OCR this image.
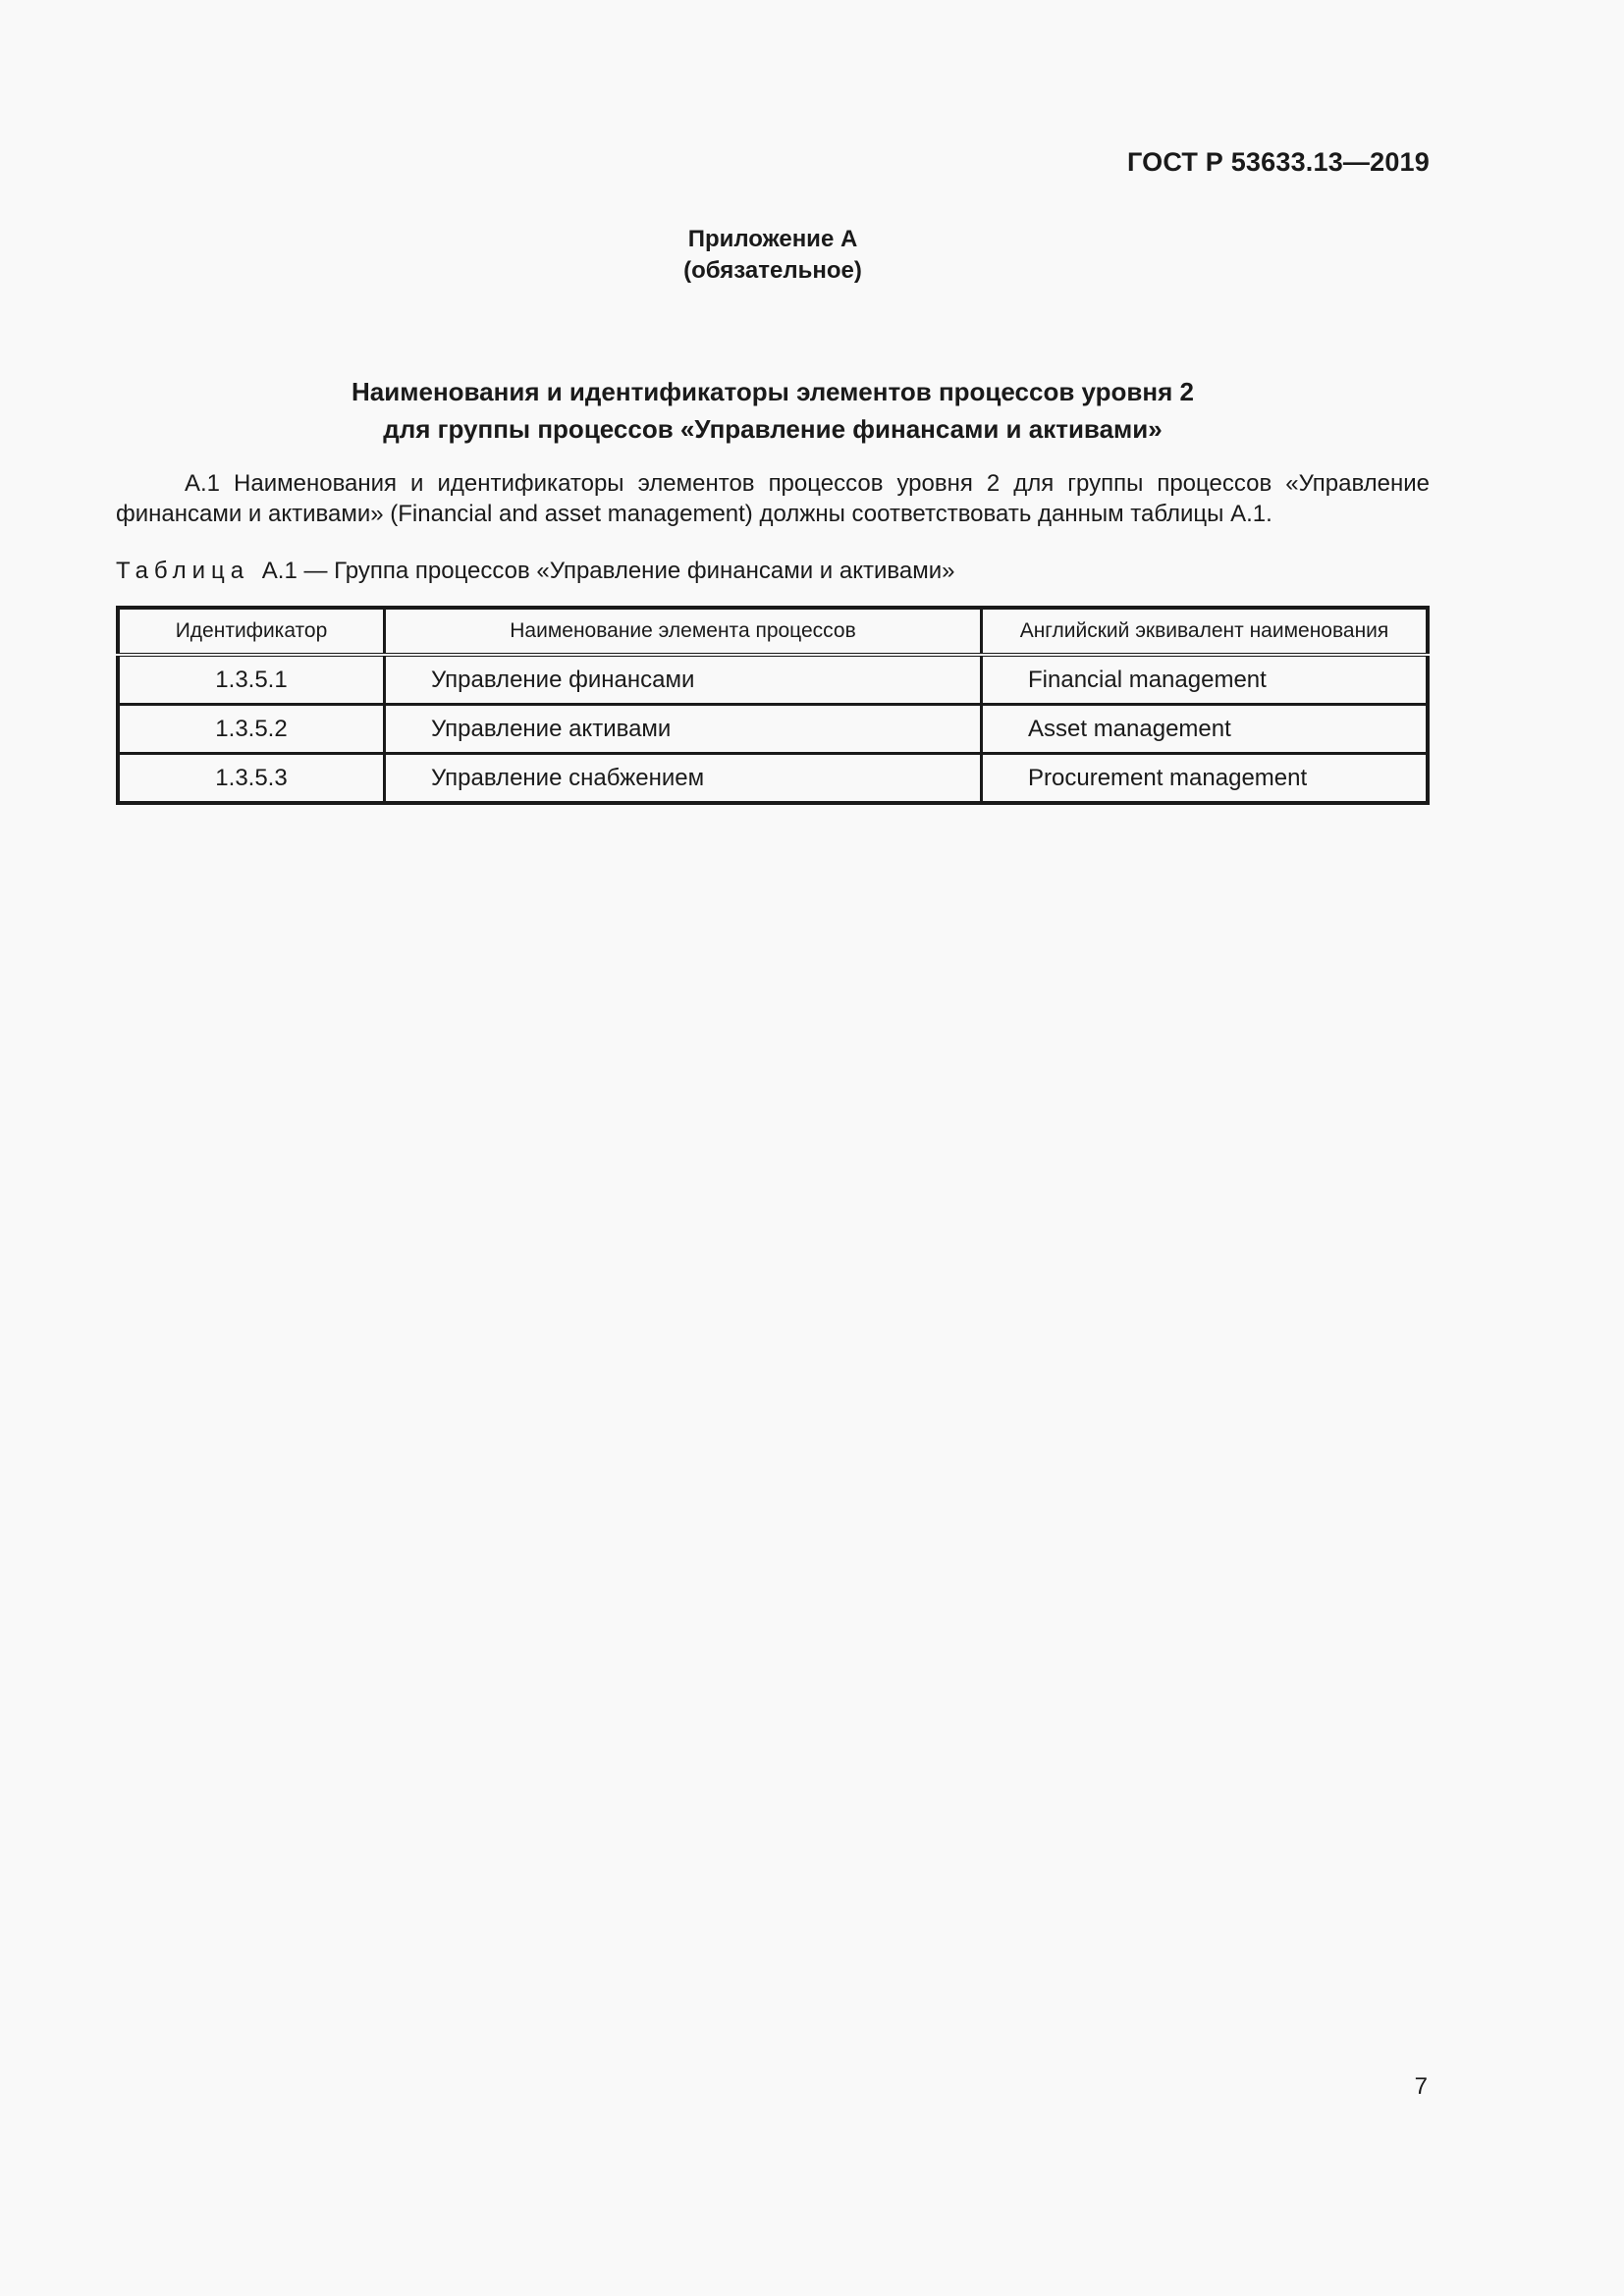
ГОСТ Р 53633.13—2019
Приложение А
(обязательное)
Наименования и идентификаторы элементов процессов уровня 2
для группы процессов «Управление финансами и активами»

А.1 Наименования и идентификаторы элементов процессов уровня 2 для группы процессов «Управление финансами и активами» (Financial and asset management) должны соответствовать данным таблицы А.1.

Таблица А.1 — Группа процессов «Управление финансами и активами»
Идентификатор	Наименование элемента процессов	Английский эквивалент наименования
1.3.5.1	Управление финансами	Financial management
1.3.5.2	Управление активами	Asset management
1.3.5.3	Управление снабжением	Procurement management
7
